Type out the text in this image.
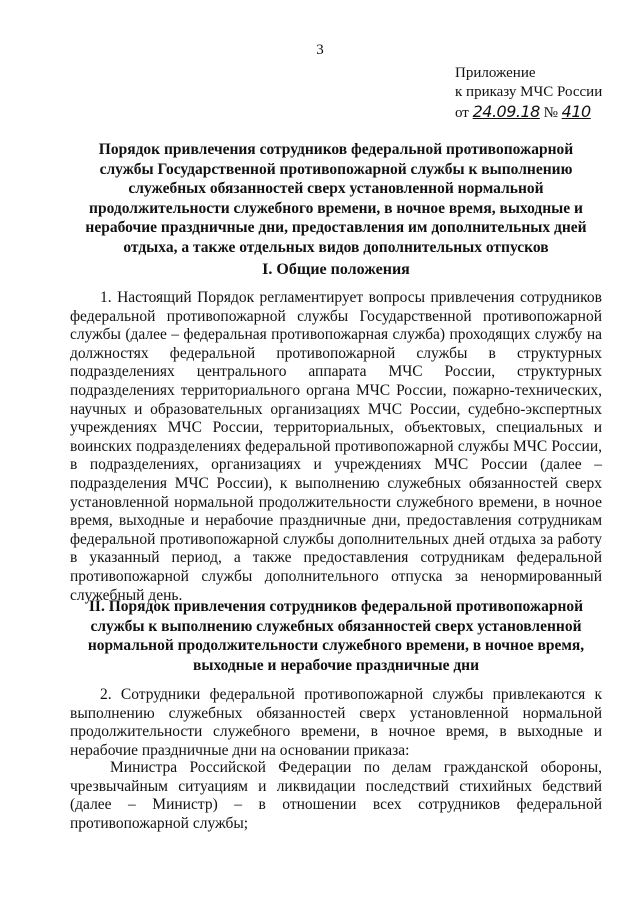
3
Приложение
к приказу МЧС России
от 24.09.18 № 410
Порядок привлечения сотрудников федеральной противопожарной службы Государственной противопожарной службы к выполнению служебных обязанностей сверх установленной нормальной продолжительности служебного времени, в ночное время, выходные и нерабочие праздничные дни, предоставления им дополнительных дней отдыха, а также отдельных видов дополнительных отпусков
I. Общие положения

1. Настоящий Порядок регламентирует вопросы привлечения сотрудников федеральной противопожарной службы Государственной противопожарной службы (далее – федеральная противопожарная служба) проходящих службу на должностях федеральной противопожарной службы в структурных подразделениях центрального аппарата МЧС России, структурных подразделениях территориального органа МЧС России, пожарно-технических, научных и образовательных организациях МЧС России, судебно-экспертных учреждениях МЧС России, территориальных, объектовых, специальных и воинских подразделениях федеральной противопожарной службы МЧС России, в подразделениях, организациях и учреждениях МЧС России (далее – подразделения МЧС России), к выполнению служебных обязанностей сверх установленной нормальной продолжительности служебного времени, в ночное время, выходные и нерабочие праздничные дни, предоставления сотрудникам федеральной противопожарной службы дополнительных дней отдыха за работу в указанный период, а также предоставления сотрудникам федеральной противопожарной службы дополнительного отпуска за ненормированный служебный день.

II. Порядок привлечения сотрудников федеральной противопожарной службы к выполнению служебных обязанностей сверх установленной нормальной продолжительности служебного времени, в ночное время, выходные и нерабочие праздничные дни

2. Сотрудники федеральной противопожарной службы привлекаются к выполнению служебных обязанностей сверх установленной нормальной продолжительности служебного времени, в ночное время, в выходные и нерабочие праздничные дни на основании приказа:

Министра Российской Федерации по делам гражданской обороны, чрезвычайным ситуациям и ликвидации последствий стихийных бедствий (далее – Министр) – в отношении всех сотрудников федеральной противопожарной службы;
